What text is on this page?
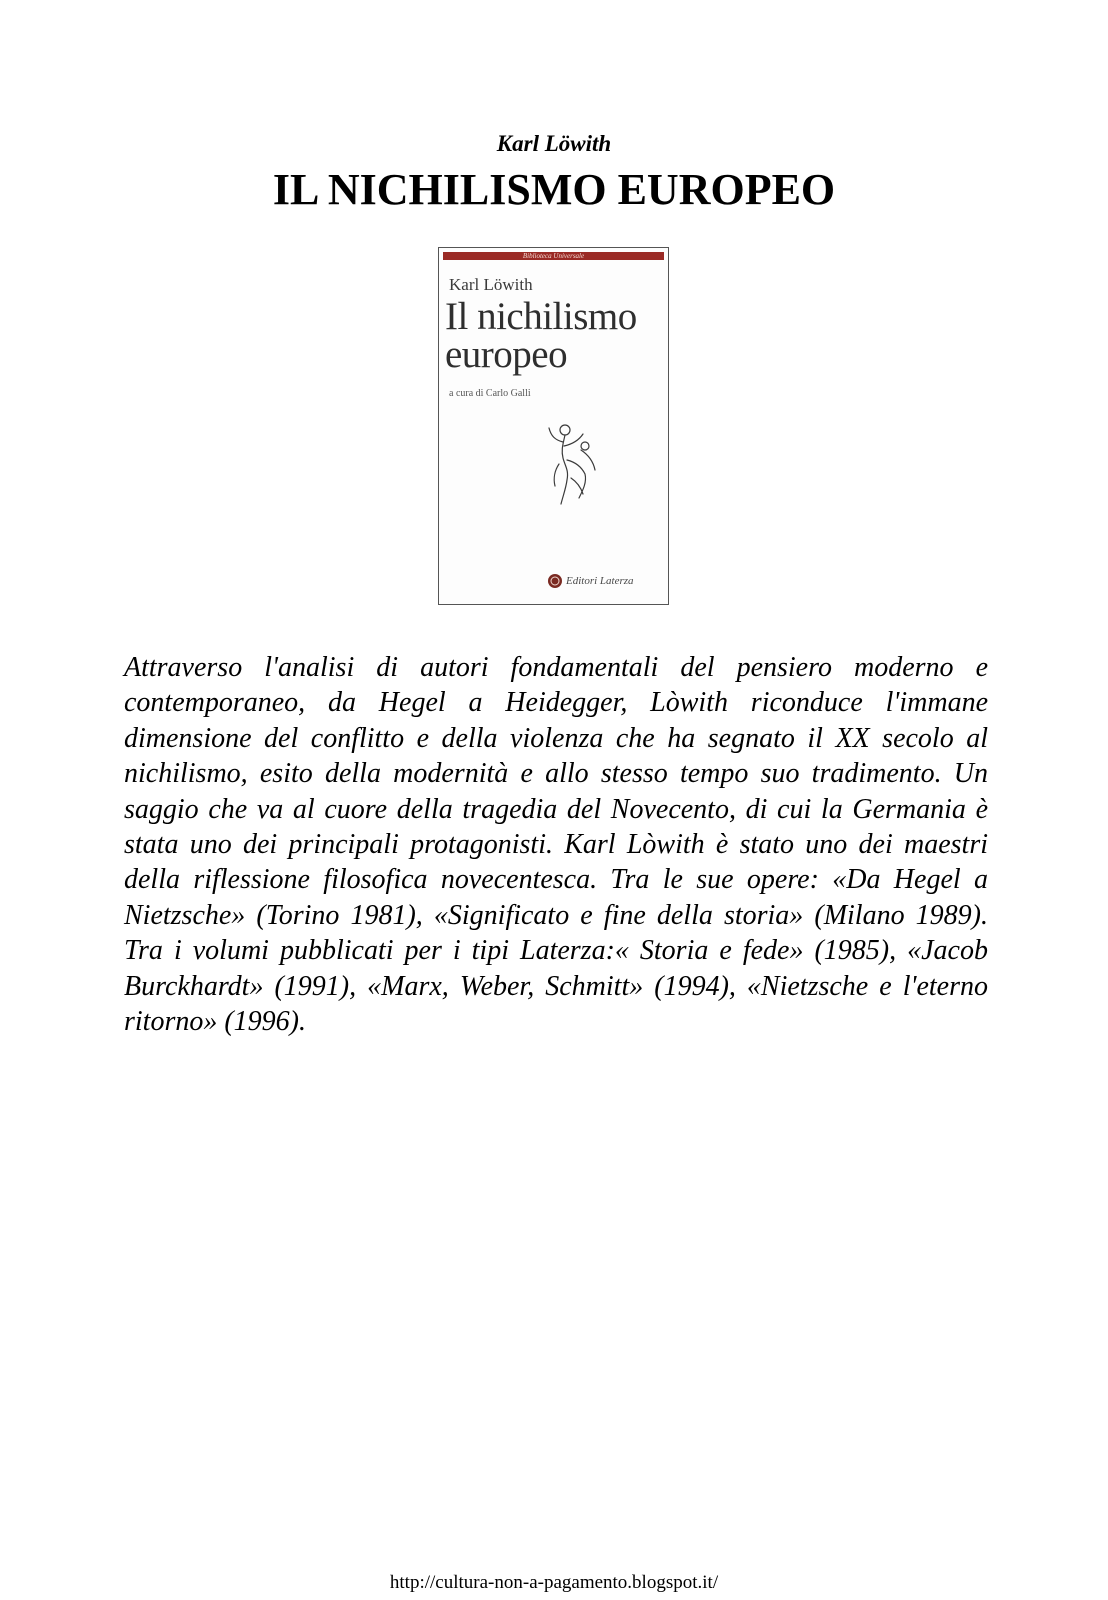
Karl Löwith
IL NICHILISMO EUROPEO
Biblioteca Universale
Karl Löwith
Il nichilismo
europeo
a cura di Carlo Galli
Editori Laterza

Attraverso l'analisi di autori fondamentali del pensiero moderno e contemporaneo, da Hegel a Heidegger, Lòwith riconduce l'immane dimensione del conflitto e della violenza che ha segnato il XX secolo al nichilismo, esito della modernità e allo stesso tempo suo tradimento. Un saggio che va al cuore della tragedia del Novecento, di cui la Germania è stata uno dei principali protagonisti. Karl Lòwith è stato uno dei maestri della riflessione filosofica novecentesca. Tra le sue opere: «Da Hegel a Nietzsche» (Torino 1981), «Significato e fine della storia» (Milano 1989). Tra i volumi pubblicati per i tipi Laterza:« Storia e fede» (1985), «Jacob Burckhardt» (1991), «Marx, Weber, Schmitt» (1994), «Nietzsche e l'eterno ritorno» (1996).

http://cultura-non-a-pagamento.blogspot.it/
